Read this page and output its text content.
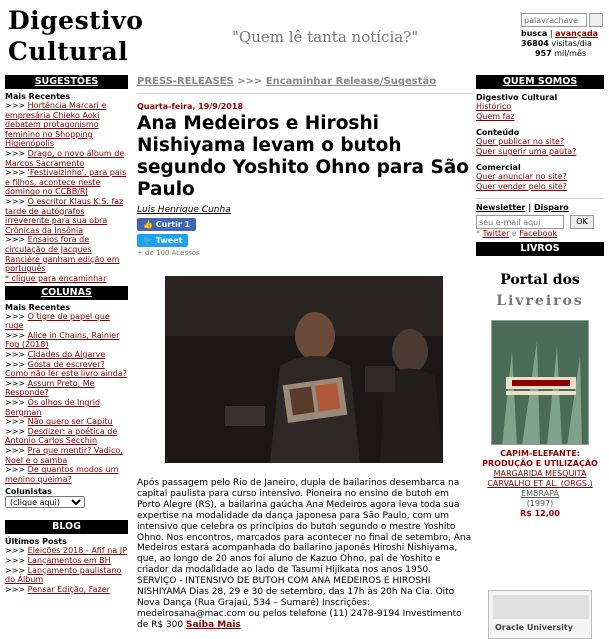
Digestivo
Cultural	"Quem lê tanta notícia?"
palavrachave	busca | avançada
36804 visitas/dia
957 mil/mês
SUGESTÕES
Mais Recentes
>>> Hortência Marcari e empresária Chieko Aoki debatem protagonismo feminino no Shopping Higienópolis
>>> Drago, o novo álbum de Marcos Sacramento
>>> 'Festivalzinho', para pais e filhos, acontece neste domingo no CCBB/RJ
>>> O escritor Klaus K.S. faz tarde de autógrafos irreverente para sua obra Crônicas da Insônia
>>> Ensaios fora de circulação de Jacques Rancière ganham edição em português
* clique para encaminhar
COLUNAS
Mais Recentes
>>> O tigre de papel que ruge
>>> Alice in Chains, Rainier Fog (2018)
>>> Cidades do Algarve
>>> Gosta de escrever? Como não ler este livro ainda?
>>> Assum Preto, Me Responde?
>>> Os olhos de Ingrid Bergman
>>> Não quero ser Capitu
>>> Desdizer: a poética de Antonio Carlos Secchin
>>> Pra que mentir? Vadico, Noel e o samba
>>> De quantos modos um menino queima?
Colunistas
(clique aqui)
BLOG
Últimos Posts
>>> Eleições 2018 - Afif na JP
>>> Lançamentos em BH
>>> Lançamento paulistano do Álbum
>>> Pensar Edição, Fazer
PRESS-RELEASES >>> Encaminhar Release/Sugestão
Quarta-feira, 19/9/2018
Ana Medeiros e Hiroshi Nishiyama levam o butoh segundo Yoshito Ohno para São Paulo
Luis Henrique Cunha
👍 Curtir 1
🐦 Tweet
+ de 100 Acessos
Após passagem pelo Rio de Janeiro, dupla de bailarinos desembarca na capital paulista para curso intensivo. Pioneira no ensino de butoh em Porto Alegre (RS), a bailarina gaúcha Ana Medeiros agora leva toda sua expertise na modalidade da dança japonesa para São Paulo, com um intensivo que celebra os princípios do butoh segundo o mestre Yoshito Ohno. Nos encontros, marcados para acontecer no final de setembro, Ana Medeiros estará acompanhada do bailarino japonês Hiroshi Nishiyama, que, ao longo de 20 anos foi aluno de Kazuo Ohno, pai de Yoshito e criador da modalidade ao lado de Tasumi Hijikata nos anos 1950. SERVIÇO - INTENSIVO DE BUTOH COM ANA MEDEIROS E HIROSHI NISHIYAMA Dias 28, 29 e 30 de setembro, das 17h às 20h Na Cia. Oito Nova Dança (Rua Grajaú, 534 – Sumaré) Inscrições: medeirosana@mac.com ou pelos telefone (11) 2478-9194 Investimento de R$ 300 Saiba Mais
QUEM SOMOS
Digestivo Cultural
Histórico
Quem faz
Conteúdo
Quer publicar no site?
Quer sugerir uma pauta?
Comercial
Quer anunciar no site?
Quer vender pelo site?
Newsletter | Disparo
seu e-mail aquiOK
* Twitter e Facebook
LIVROS
Portal dos
Livreiros
CAPIM-ELEFANTE: PRODUÇÃO E UTILIZAÇÃO
MARGARIDA MESQUITA CARVALHO ET AL. (ORGS.)
EMBRAPA
(1997)
R$ 12,00
Oracle University
